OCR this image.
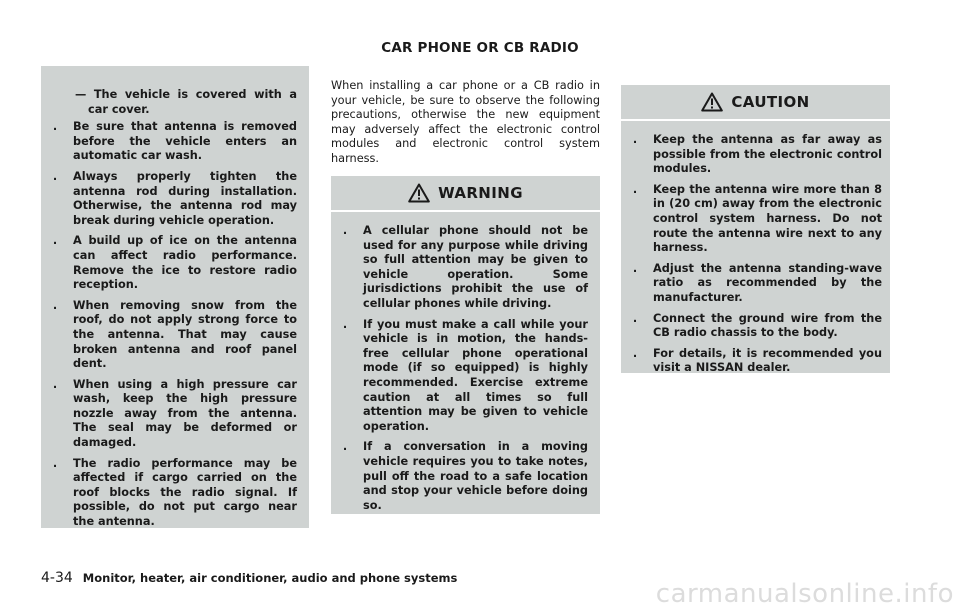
CAR PHONE OR CB RADIO
— The vehicle is covered with a car cover.
.	Be sure that antenna is removed before the vehicle enters an automatic car wash.
.	Always properly tighten the antenna rod during installation. Otherwise, the antenna rod may break during vehicle operation.
.	A build up of ice on the antenna can affect radio performance. Remove the ice to restore radio reception.
.	When removing snow from the roof, do not apply strong force to the antenna. That may cause broken antenna and roof panel dent.
.	When using a high pressure car wash, keep the high pressure nozzle away from the antenna. The seal may be deformed or damaged.
.	The radio performance may be affected if cargo carried on the roof blocks the radio signal. If possible, do not put cargo near the antenna.
When installing a car phone or a CB radio in your vehicle, be sure to observe the following precautions, otherwise the new equipment may adversely affect the electronic control modules and electronic control system harness.
WARNING
.	A cellular phone should not be used for any purpose while driving so full attention may be given to vehicle operation. Some jurisdictions prohibit the use of cellular phones while driving.
.	If you must make a call while your vehicle is in motion, the hands-free cellular phone operational mode (if so equipped) is highly recommended. Exercise extreme caution at all times so full attention may be given to vehicle operation.
.	If a conversation in a moving vehicle requires you to take notes, pull off the road to a safe location and stop your vehicle before doing so.
CAUTION
.	Keep the antenna as far away as possible from the electronic control modules.
.	Keep the antenna wire more than 8 in (20 cm) away from the electronic control system harness. Do not route the antenna wire next to any harness.
.	Adjust the antenna standing-wave ratio as recommended by the manufacturer.
.	Connect the ground wire from the CB radio chassis to the body.
.	For details, it is recommended you visit a NISSAN dealer.
4-34 Monitor, heater, air conditioner, audio and phone systems
carmanualsonline.info
